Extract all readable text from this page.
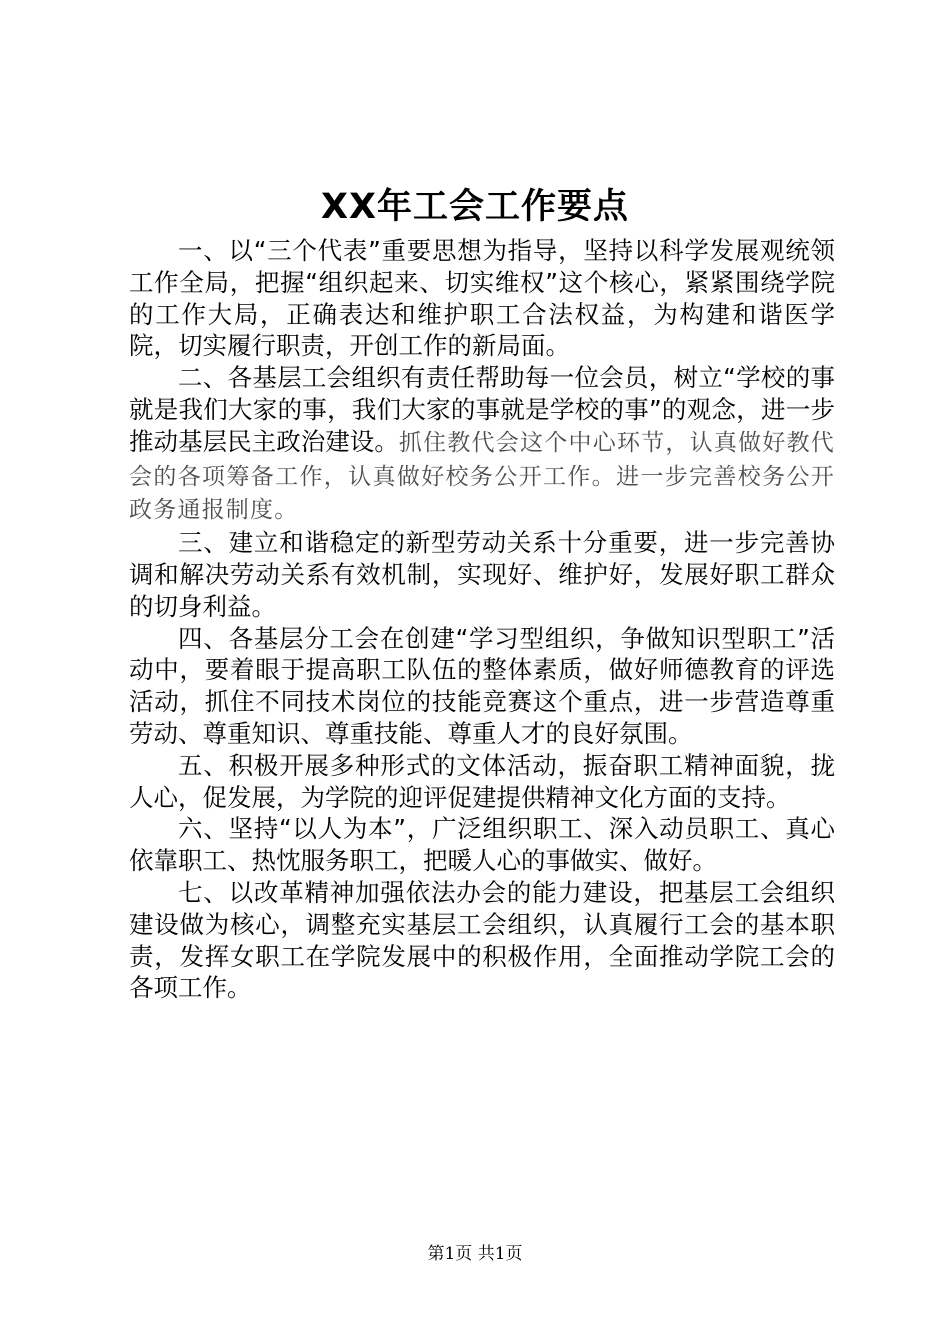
XX年工会工作要点

一、以“三个代表”重要思想为指导，坚持以科学发展观统领工作全局，把握“组织起来、切实维权”这个核心，紧紧围绕学院的工作大局，正确表达和维护职工合法权益，为构建和谐医学院，切实履行职责，开创工作的新局面。

二、各基层工会组织有责任帮助每一位会员，树立“学校的事就是我们大家的事，我们大家的事就是学校的事”的观念，进一步推动基层民主政治建设。抓住教代会这个中心环节，认真做好教代会的各项筹备工作，认真做好校务公开工作。进一步完善校务公开政务通报制度。

三、建立和谐稳定的新型劳动关系十分重要，进一步完善协调和解决劳动关系有效机制，实现好、维护好，发展好职工群众的切身利益。

四、各基层分工会在创建“学习型组织，争做知识型职工”活动中，要着眼于提高职工队伍的整体素质，做好师德教育的评选活动，抓住不同技术岗位的技能竞赛这个重点，进一步营造尊重劳动、尊重知识、尊重技能、尊重人才的良好氛围。

五、积极开展多种形式的文体活动，振奋职工精神面貌，拢人心，促发展，为学院的迎评促建提供精神文化方面的支持。

六、坚持“以人为本”，广泛组织职工、深入动员职工、真心依靠职工、热忱服务职工，把暖人心的事做实、做好。

七、以改革精神加强依法办会的能力建设，把基层工会组织建设做为核心，调整充实基层工会组织，认真履行工会的基本职责，发挥女职工在学院发展中的积极作用，全面推动学院工会的各项工作。

第1页 共1页
